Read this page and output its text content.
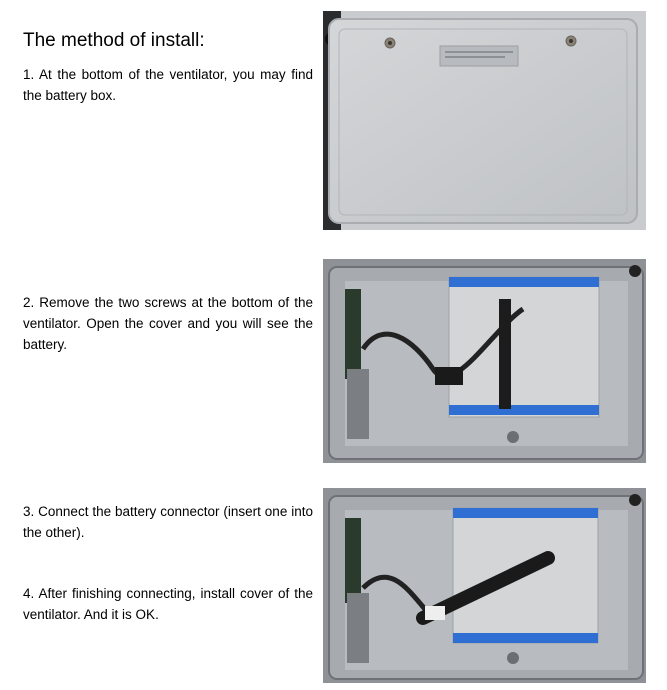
The method of install:
1. At the bottom of the ventilator, you may find the battery box.
2. Remove the two screws at the bottom of the ventilator. Open the cover and you will see the battery.
3. Connect the battery connector (insert one into the other).
4. After finishing connecting, install cover of the ventilator. And it is OK.
